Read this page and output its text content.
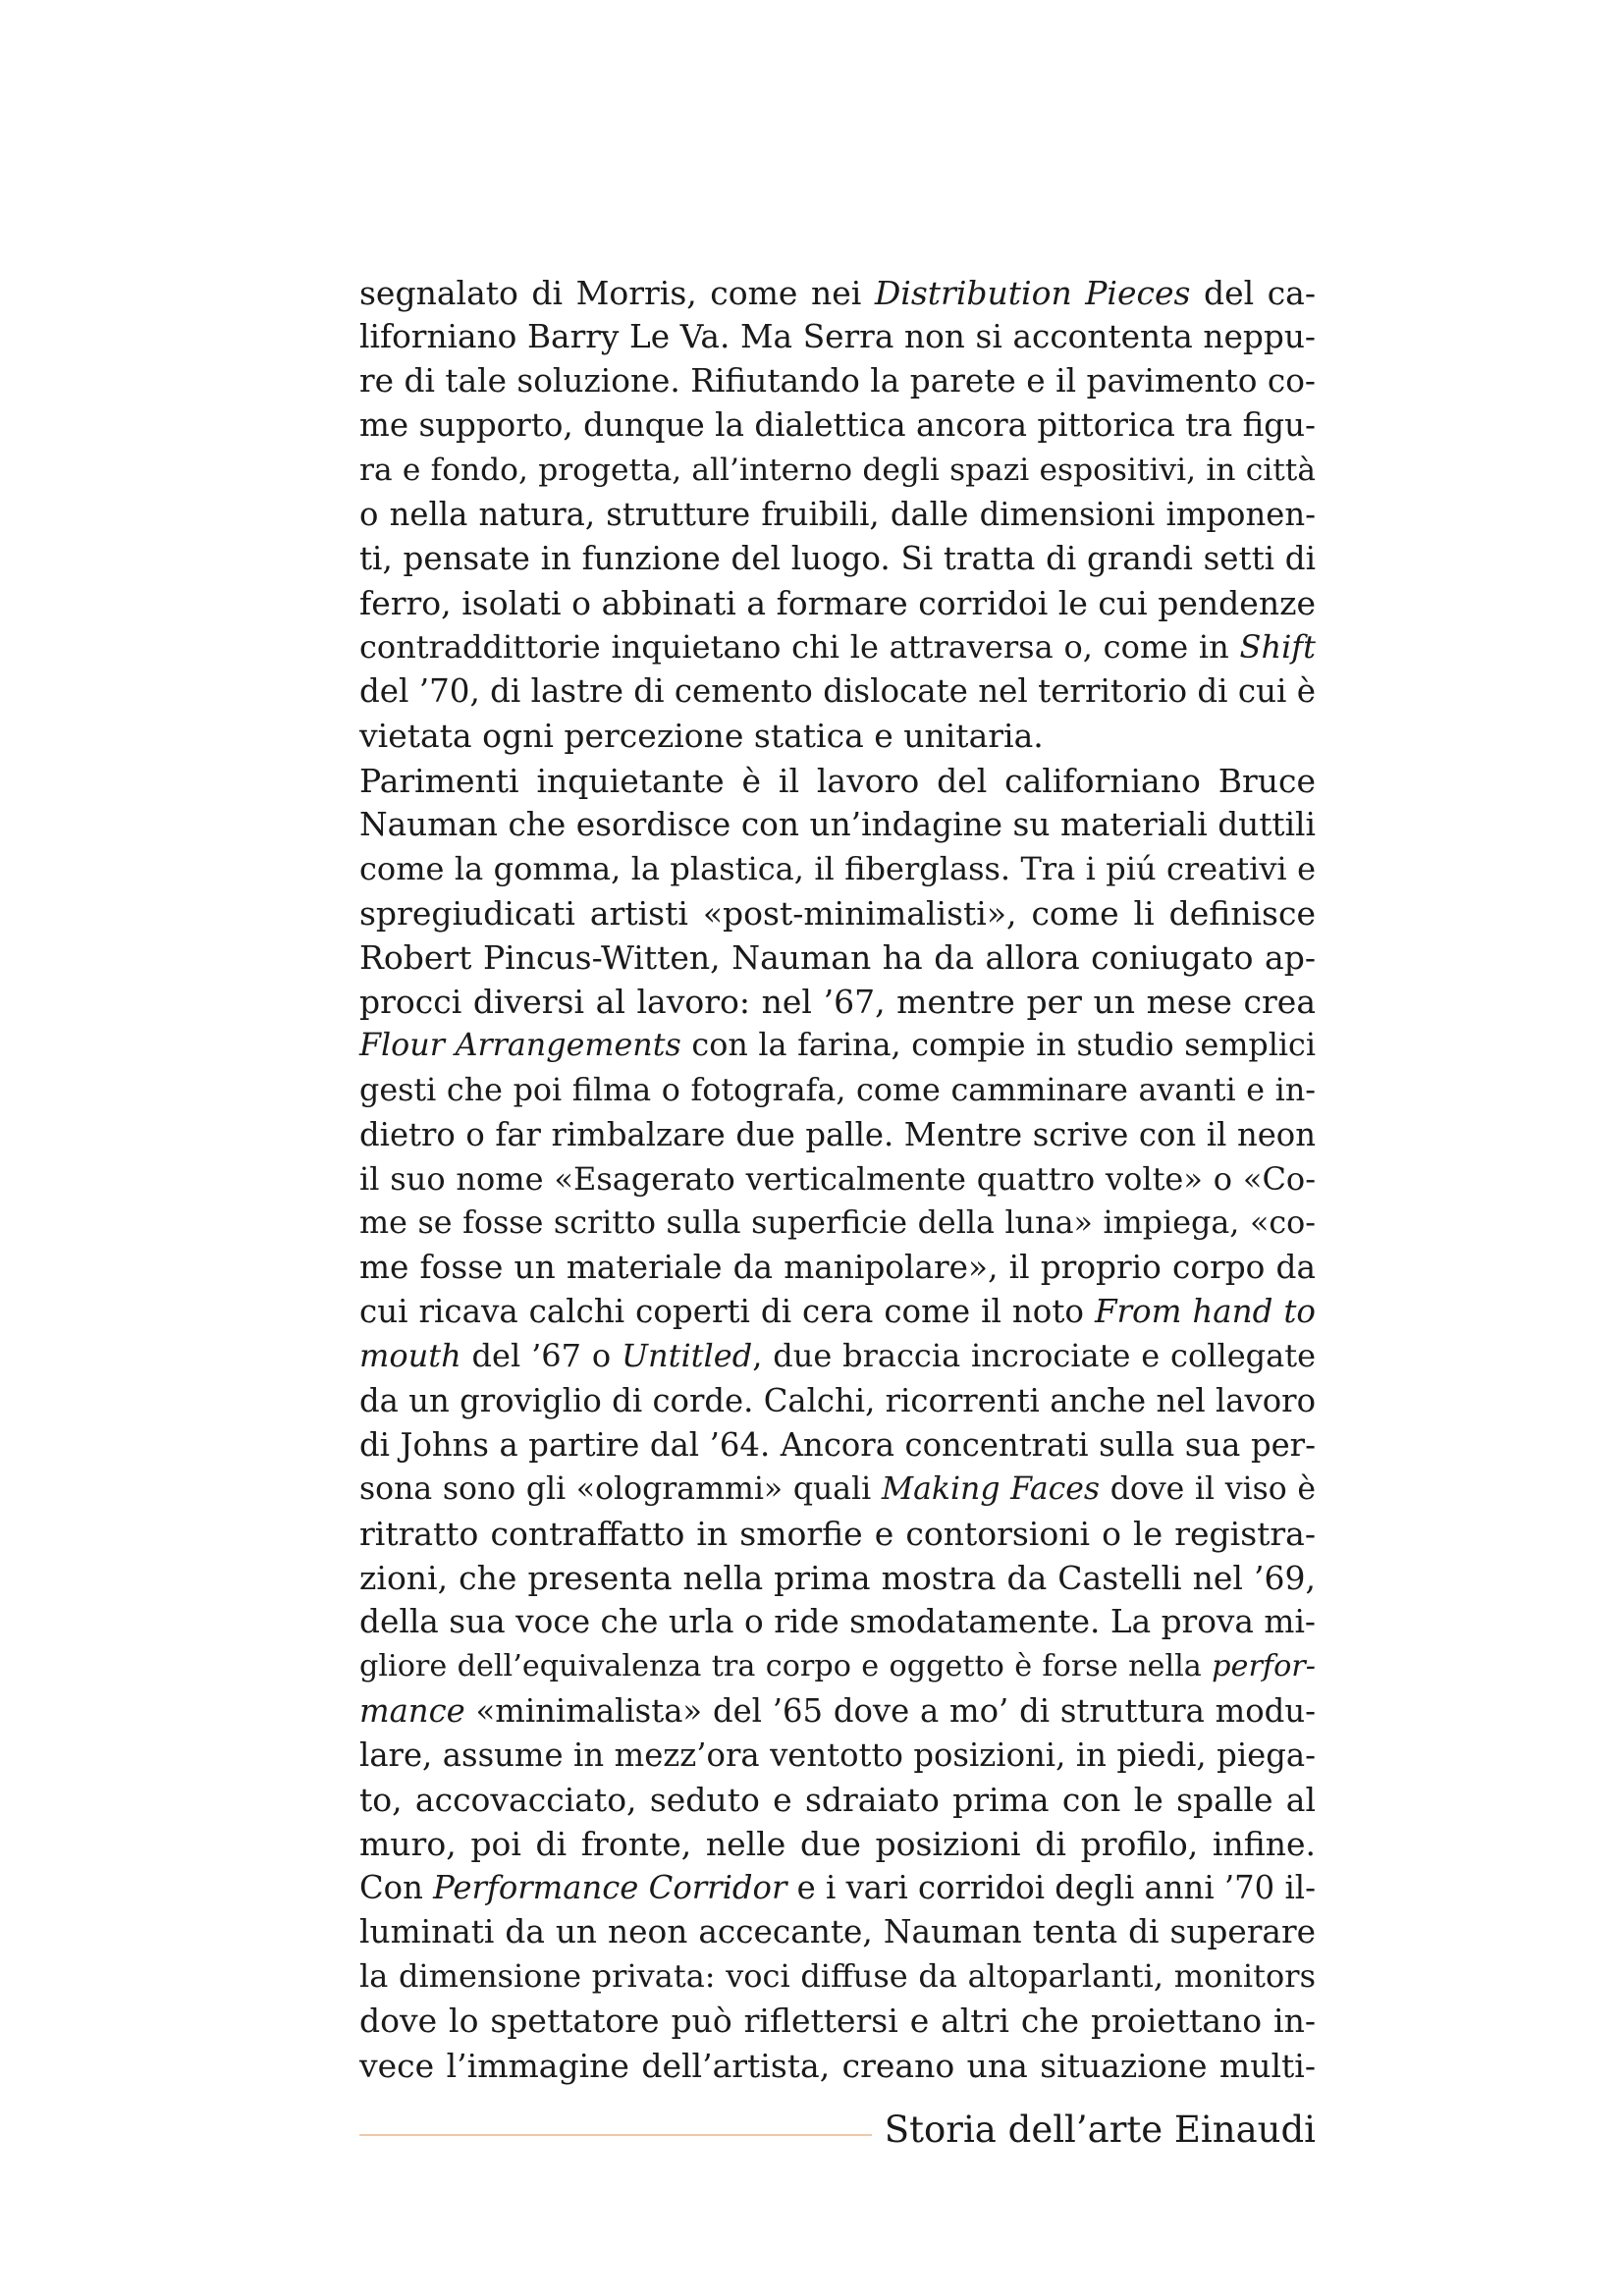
segnalato di Morris, come nei Distribution Pieces del ca-
liforniano Barry Le Va. Ma Serra non si accontenta neppu-
re di tale soluzione. Rifiutando la parete e il pavimento co-
me supporto, dunque la dialettica ancora pittorica tra figu-
ra e fondo, progetta, all’interno degli spazi espositivi, in città
o nella natura, strutture fruibili, dalle dimensioni imponen-
ti, pensate in funzione del luogo. Si tratta di grandi setti di
ferro, isolati o abbinati a formare corridoi le cui pendenze
contraddittorie inquietano chi le attraversa o, come in Shift
del ’70, di lastre di cemento dislocate nel territorio di cui è
vietata ogni percezione statica e unitaria.
Parimenti inquietante è il lavoro del californiano Bruce
Nauman che esordisce con un’indagine su materiali duttili
come la gomma, la plastica, il fiberglass. Tra i piú creativi e
spregiudicati artisti «post-minimalisti», come li definisce
Robert Pincus-Witten, Nauman ha da allora coniugato ap-
procci diversi al lavoro: nel ’67, mentre per un mese crea
Flour Arrangements con la farina, compie in studio semplici
gesti che poi filma o fotografa, come camminare avanti e in-
dietro o far rimbalzare due palle. Mentre scrive con il neon
il suo nome «Esagerato verticalmente quattro volte» o «Co-
me se fosse scritto sulla superficie della luna» impiega, «co-
me fosse un materiale da manipolare», il proprio corpo da
cui ricava calchi coperti di cera come il noto From hand to
mouth del ’67 o Untitled, due braccia incrociate e collegate
da un groviglio di corde. Calchi, ricorrenti anche nel lavoro
di Johns a partire dal ’64. Ancora concentrati sulla sua per-
sona sono gli «ologrammi» quali Making Faces dove il viso è
ritratto contraffatto in smorfie e contorsioni o le registra-
zioni, che presenta nella prima mostra da Castelli nel ’69,
della sua voce che urla o ride smodatamente. La prova mi-
gliore dell’equivalenza tra corpo e oggetto è forse nella perfor-
mance «minimalista» del ’65 dove a mo’ di struttura modu-
lare, assume in mezz’ora ventotto posizioni, in piedi, piega-
to, accovacciato, seduto e sdraiato prima con le spalle al
muro, poi di fronte, nelle due posizioni di profilo, infine.
Con Performance Corridor e i vari corridoi degli anni ’70 il-
luminati da un neon accecante, Nauman tenta di superare
la dimensione privata: voci diffuse da altoparlanti, monitors
dove lo spettatore può riflettersi e altri che proiettano in-
vece l’immagine dell’artista, creano una situazione multi-
Storia dell’arte Einaudi
